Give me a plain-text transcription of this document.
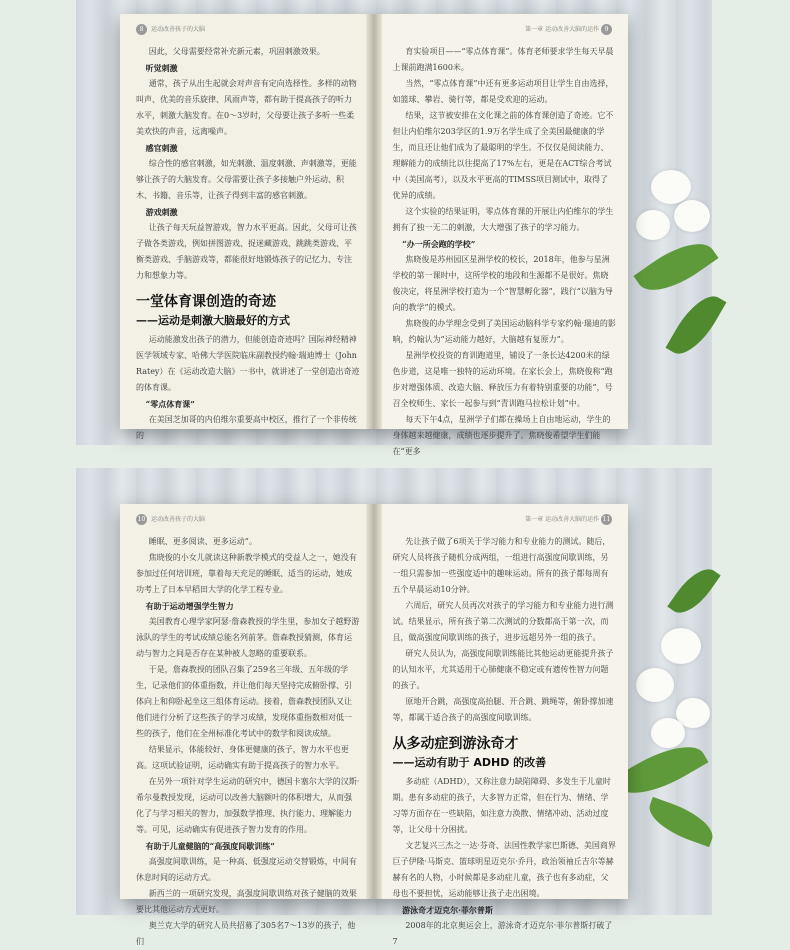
8 运动改善孩子的大脑

因此，父母需要经常补充新元素，巩固刺激效果。

听觉刺激

通常，孩子从出生起就会对声音有定向选择性。多样的动物叫声、优美的音乐旋律、风雨声等，都有助于提高孩子的听力水平，刺激大脑发育。在0～3岁时，父母要让孩子多听一些柔美欢快的声音，远离噪声。

感官刺激

综合性的感官刺激，如光刺激、温度刺激、声刺激等，更能够让孩子的大脑发育。父母需要让孩子多接触户外运动、积木、书籍、音乐等，让孩子得到丰富的感官刺激。

游戏刺激

让孩子每天玩益智游戏，智力水平更高。因此，父母可让孩子做各类游戏，例如拼图游戏、捉迷藏游戏、跳跳类游戏、平衡类游戏、手脑游戏等，都能很好地锻炼孩子的记忆力、专注力和想象力等。

一堂体育课创造的奇迹
——运动是刺激大脑最好的方式

运动能激发出孩子的潜力，但能创造奇迹吗？国际神经精神医学领域专家、哈佛大学医院临床副教授约翰·瑞迪博士（John Ratey）在《运动改造大脑》一书中，就讲述了一堂创造出奇迹的体育课。

“零点体育课”

在美国芝加哥的内伯维尔重要高中校区，推行了一个非传统的

第一章 运动改善大脑的运作 9

育实验项目——“零点体育课”。体育老师要求学生每天早晨上课前跑满1600米。

当然，“零点体育课”中还有更多运动项目让学生自由选择，如篮球、攀岩、骑行等，都是受欢迎的运动。

结果，这节被安排在文化课之前的体育课创造了奇迹。它不但让内伯维尔203学区的1.9万名学生成了全美国最健康的学生，而且还让他们成为了最聪明的学生。不仅仅是阅读能力、理解能力的成绩比以往提高了17%左右，更是在ACT综合考试中（美国高考），以及水平更高的TIMSS项目测试中，取得了优异的成绩。

这个实验的结果证明，零点体育课的开展让内伯维尔的学生拥有了独一无二的刺激，大大增强了孩子的学习能力。

“办一所会跑的学校”

焦晓俊是苏州园区星洲学校的校长，2018年，他参与星洲学校的第一课时中，这所学校的地段和生源都不是很好。焦晓俊决定，将星洲学校打造为一个“智慧孵化器”，践行“以脑为导向的教学”的模式。

焦晓俊的办学理念受到了美国运动脑科学专家约翰·瑞迪的影响，约翰认为“运动能力越好，大脑越有复原力”。

星洲学校投资的育训跑道里，铺设了一条长达4200米的绿色步道，这是唯一独特的运动环境。在家长会上，焦晓俊称“跑步对增强体质、改造大脑、释放压力有着特别重要的功能”，号召全校师生、家长一起参与到“青训跑马拉松计划”中。

每天下午4点，星洲学子们都在操场上自由地运动，学生的身体越来越健康，成绩也逐步提升了。焦晓俊希望学生们能在“更多

10 运动改善孩子的大脑

睡眠、更多阅读、更多运动”。

焦晓俊的小女儿就读这种新教学模式的受益人之一，她没有参加过任何培训班，靠着每天充足的睡眠、适当的运动，她成功考上了日本早稻田大学的化学工程专业。

有助于运动增强学生智力

美国教育心理学家阿瑟·詹森教授的学生里，参加女子越野游泳队的学生的考试成绩总能名列前茅。詹森教授猜测，体育运动与智力之间是否存在某种被人忽略的重要联系。

于是，詹森教授的团队召集了259名三年级、五年级的学生，记录他们的体重指数，并让他们每天坚持完成俯卧撑、引体向上和仰卧起坐这三组体育运动。接着，詹森教授团队又让他们进行分析了这些孩子的学习成绩，发现体重指数相对低一些的孩子，他们在全州标准化考试中的数学和阅读成绩。

结果显示，体能较好、身体更健康的孩子，智力水平也更高。这项试验证明，运动确实有助于提高孩子的智力水平。

在另外一项针对学生运动的研究中，德国卡塞尔大学的汉斯·希尔曼教授发现，运动可以改善大脑额叶的体积增大，从而强化了与学习相关的智力，加强数学推理、执行能力、理解能力等。可见，运动确实有促进孩子智力发育的作用。

有助于儿童健脑的“高强度间歇训练”

高强度间歇训练，是一种高、低强度运动交替锻炼，中间有休息时间的运动方式。

新西兰的一项研究发现，高强度间歇训练对孩子健脑的效果要比其他运动方式更好。

奥兰克大学的研究人员共招募了305名7～13岁的孩子，他们

第一章 运动改善大脑的运作 11

先让孩子做了6项关于学习能力和专业能力的测试。随后，研究人员将孩子随机分成两组，一组进行高强度间歇训练，另一组只需参加一些强度适中的趣味运动。所有的孩子都每周有五个早晨运动10分钟。

六周后，研究人员再次对孩子的学习能力和专业能力进行测试。结果显示，所有孩子第二次测试的分数都高于第一次，而且，做高强度间歇训练的孩子，进步远超另外一组的孩子。

研究人员认为，高强度间歇训练能比其他运动更能提升孩子的认知水平，尤其适用于心肺健康不稳定或有遗传性智力问题的孩子。

原地开合跳，高强度高抬腿、开合跳、跳绳等，俯卧撑加速等，都属于适合孩子的高强度间歇训练。

从多动症到游泳奇才
——运动有助于 ADHD 的改善

多动症（ADHD），又称注意力缺陷障碍、多发生于儿童时期。患有多动症的孩子，大多智力正常，但在行为、情绪、学习等方面存在一些缺陷，如注意力涣散、情绪冲动、活动过度等，让父母十分困扰。

文艺复兴三杰之一达·芬奇、法国性教学家巴斯德、美国商界巨子伊隆·马斯克、篮球明星迈克尔·乔丹，政治领袖丘吉尔等赫赫有名的人物，小时候都是多动症儿童，孩子也有多动症，父母也不要担忧，运动能够让孩子走出困境。

游泳奇才迈克尔·菲尔普斯

2008年的北京奥运会上，游泳奇才迈克尔·菲尔普斯打破了7
